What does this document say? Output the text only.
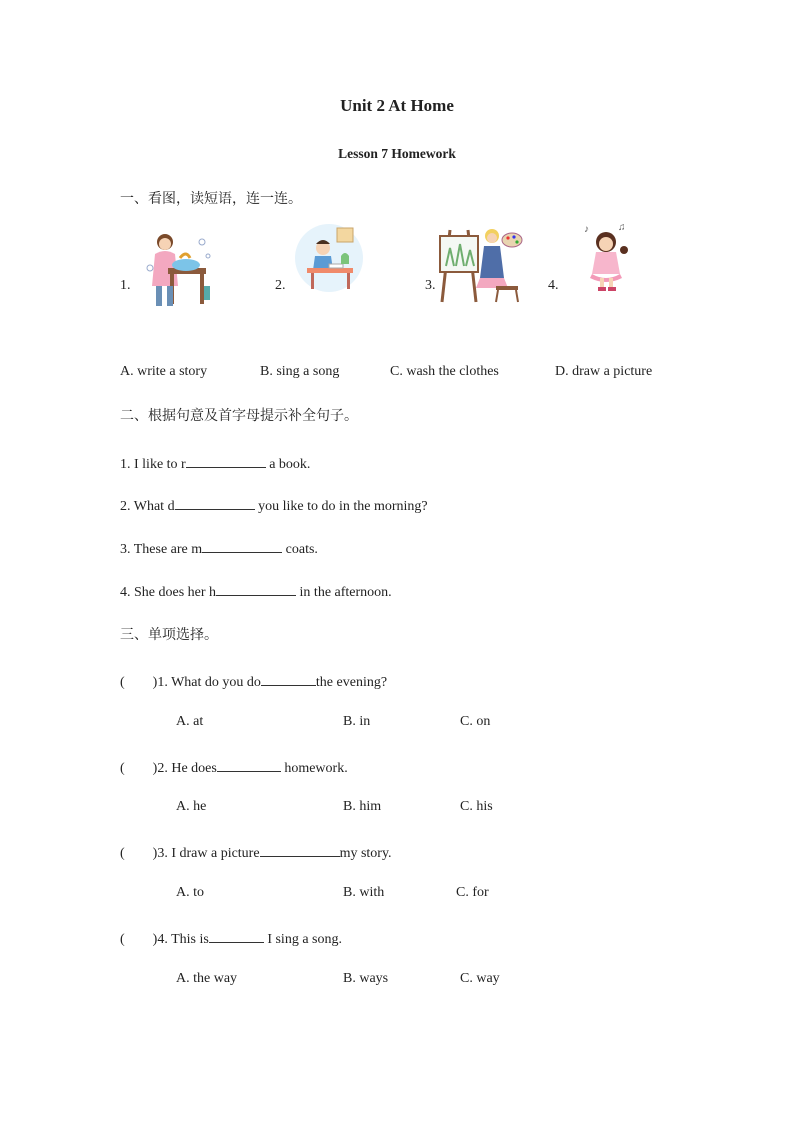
Unit 2 At Home
Lesson 7 Homework
一、看图，读短语，连一连。
1.	2.	3.	4.
♪	♫
A. write a story	B. sing a song	C. wash the clothes	D. draw a picture
二、根据句意及首字母提示补全句子。
1. I like to r	a book.
2. What d	you like to do in the morning?
3. These are m	coats.
4. She does her h	in the afternoon.
三、单项选择。
(　　)1. What do you do	the evening?
A. at	B. in	C. on
(　　)2. He does	homework.
A. he	B. him	C. his
(　　)3. I draw a picture	my story.
A. to	B. with	C. for
(　　)4. This is	I sing a song.
A. the way	B. ways	C. way
